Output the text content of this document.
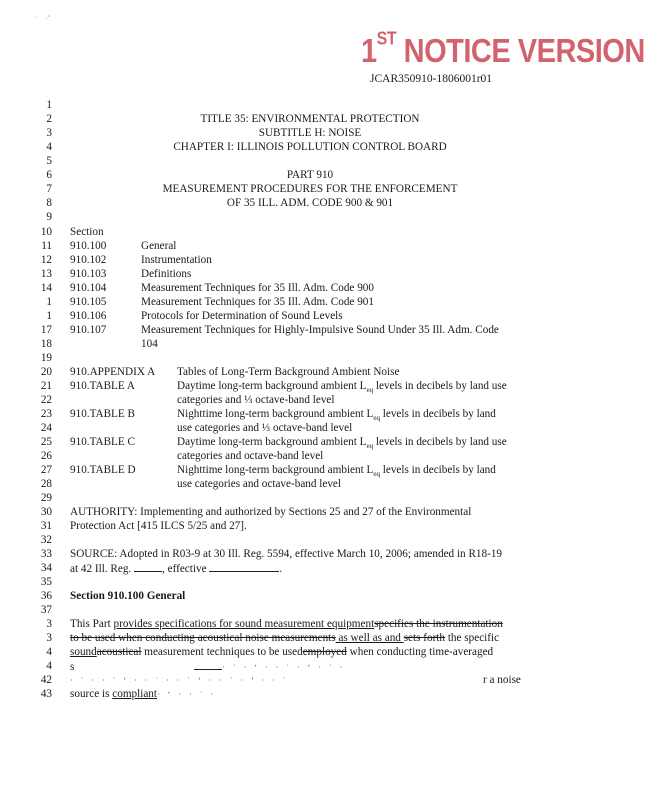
· ·ˇ
1ST NOTICE VERSION
JCAR350910-1806001r01
1
2
3
4
5
6
7
8
9
10
11
12
13
14
1
1
17
18
19
20
21
22
23
24
25
26
27
28
29
30
31
32
33
34
35
36
37
3
3
4
4
42
43
TITLE 35: ENVIRONMENTAL PROTECTION
SUBTITLE H: NOISE
CHAPTER I: ILLINOIS POLLUTION CONTROL BOARD
PART 910
MEASUREMENT PROCEDURES FOR THE ENFORCEMENT
OF 35 ILL. ADM. CODE 900 & 901
Section
910.100	General
910.102	Instrumentation
910.103	Definitions
910.104	Measurement Techniques for 35 Ill. Adm. Code 900
910.105	Measurement Techniques for 35 Ill. Adm. Code 901
910.106	Protocols for Determination of Sound Levels
910.107	Measurement Techniques for Highly-Impulsive Sound Under 35 Ill. Adm. Code
104
910.APPENDIX A Tables of Long-Term Background Ambient Noise
910.TABLE A	Daytime long-term background ambient $L_{eq}$ levels in decibels by land use
categories and ⅓ octave-band level
910.TABLE B	Nighttime long-term background ambient $L_{eq}$ levels in decibels by land
use categories and ⅓ octave-band level
910.TABLE C	Daytime long-term background ambient $L_{eq}$ levels in decibels by land use
categories and octave-band level
910.TABLE D	Nighttime long-term background ambient $L_{eq}$ levels in decibels by land
use categories and octave-band level
AUTHORITY: Implementing and authorized by Sections 25 and 27 of the Environmental
Protection Act [415 ILCS 5/25 and 27].
SOURCE: Adopted in R03-9 at 30 Ill. Reg. 5594, effective March 10, 2006; amended in R18-19
at 42 Ill. Reg.	, effective	.
Section 910.100 General
This Part provides specifications for sound measurement equipmentspecifies the instrumentation
to be used when conducting acoustical noise measurements as well as and sets forth the specific
soundacoustical measurement techniques to be usedemployed when conducting time-averaged
s	· ˙ · ‘ · · ˙ · ‘ · ˙ ·
· ˙ · · ˙ ‘ · · ˙ · · ˙ ‘ · · ˙ · ’ · · ˙	r a noise
source is compliant· ‘ · · ˙ ·
